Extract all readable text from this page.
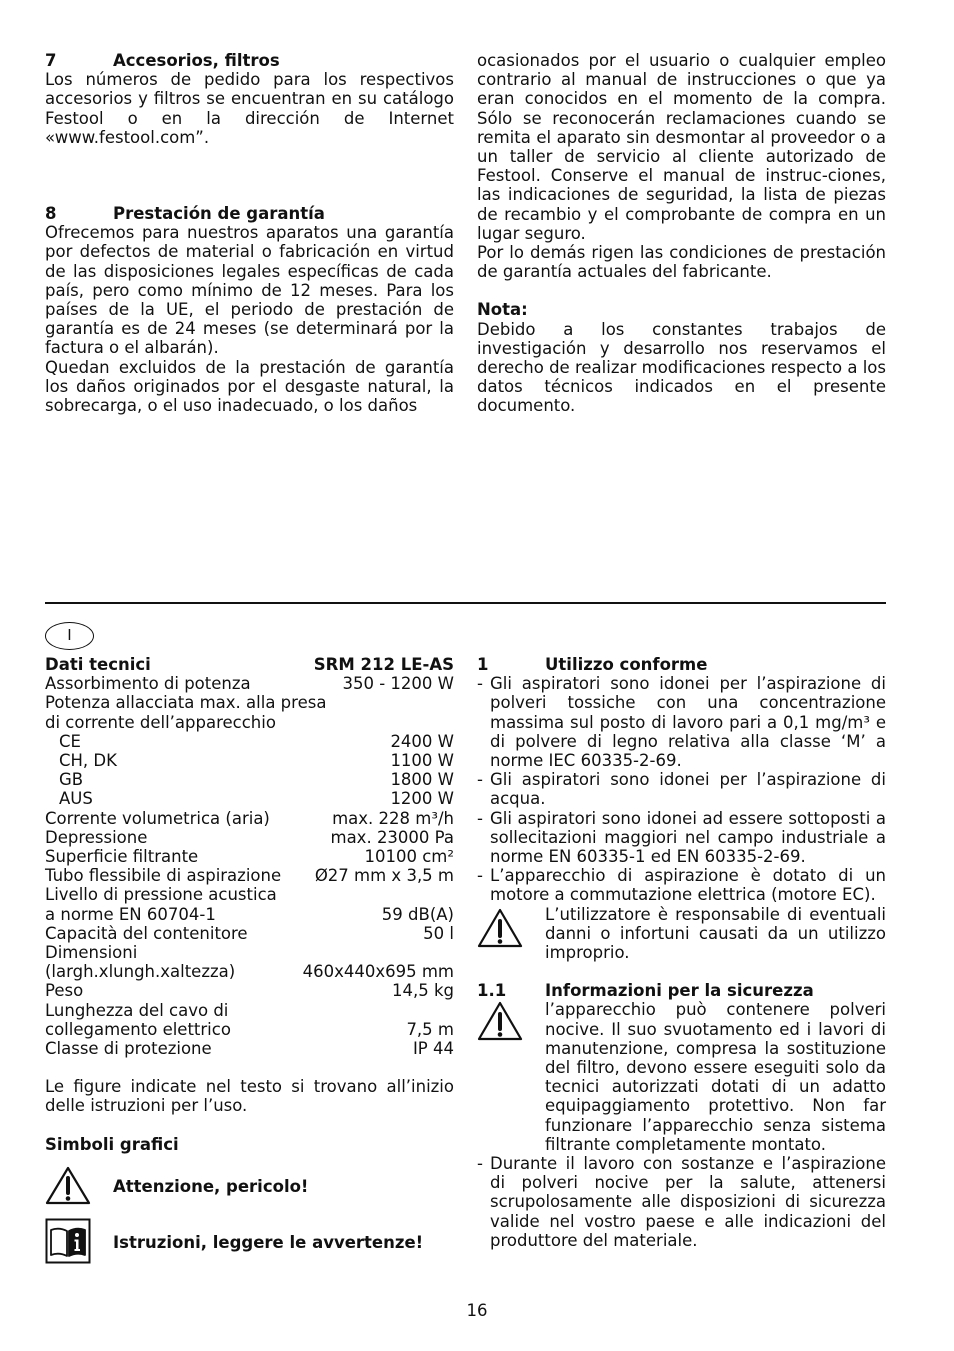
7	Accesorios, filtros

Los números de pedido para los respectivos accesorios y filtros se encuentran en su catálogo Festool o en la dirección de Internet «www.festool.com”.

8	Prestación de garantía

Ofrecemos para nuestros aparatos una garantía por defectos de material o fabricación en virtud de las disposiciones legales específicas de cada país, pero como mínimo de 12 meses. Para los países de la UE, el periodo de prestación de garantía es de 24 meses (se determinará por la factura o el albarán).

Quedan excluidos de la prestación de garantía los daños originados por el desgaste natural, la sobrecarga, o el uso inadecuado, o los daños

ocasionados por el usuario o cualquier empleo contrario al manual de instrucciones o que ya eran conocidos en el momento de la compra. Sólo se reconocerán reclamaciones cuando se remita el aparato sin desmontar al proveedor o a un taller de servicio al cliente autorizado de Festool. Conserve el manual de instruc-ciones, las indicaciones de seguridad, la lista de piezas de recambio y el comprobante de compra en un lugar seguro.

Por lo demás rigen las condiciones de prestación de garantía actuales del fabricante.

Nota:

Debido a los constantes trabajos de investigación y desarrollo nos reservamos el derecho de realizar modificaciones respecto a los datos técnicos indicados en el presente documento.

I
Dati tecnici	SRM 212 LE-AS
Assorbimento di potenza	350 - 1200 W

Potenza allacciata max. alla presa

di corrente dell’apparecchio

CE	2400 W
CH, DK	1100 W
GB	1800 W
AUS	1200 W
Corrente volumetrica (aria)	max. 228 m³/h
Depressione	max. 23000 Pa
Superficie filtrante	10100 cm²
Tubo flessibile di aspirazione Ø27 mm x 3,5 m

Livello di pressione acustica

a norme EN 60704-1	59 dB(A)
Capacità del contenitore	50 l

Dimensioni

(largh.xlungh.xaltezza)	460x440x695 mm
Peso	14,5 kg

Lunghezza del cavo di

collegamento elettrico	7,5 m
Classe di protezione	IP 44

Le figure indicate nel testo si trovano all’inizio delle istruzioni per l’uso.

Simboli grafici

Attenzione, pericolo!
Istruzioni, leggere le avvertenze!
1	Utilizzo conforme
- Gli aspiratori sono idonei per l’aspirazione di polveri tossiche con una concentrazione massima sul posto di lavoro pari a 0,1 mg/m³ e di polvere di legno relativa alla classe ‘M’ a norme IEC 60335-2-69.
- Gli aspiratori sono idonei per l’aspirazione di acqua.
- Gli aspiratori sono idonei ad essere sottoposti a sollecitazioni maggiori nel campo industriale a norme EN 60335-1 ed EN 60335-2-69.
- L’apparecchio di aspirazione è dotato di un motore a commutazione elettrica (motore EC).
L’utilizzatore è responsabile di eventuali danni o infortuni causati da un utilizzo improprio.
1.1	Informazioni per la sicurezza
l’apparecchio può contenere polveri nocive. Il suo svuotamento ed i lavori di manutenzione, compresa la sostituzione del filtro, devono essere eseguiti solo da tecnici autorizzati dotati di un adatto equipaggiamento protettivo. Non far funzionare l’apparecchio senza sistema filtrante completamente montato.
- Durante il lavoro con sostanze e l’aspirazione di polveri nocive per la salute, attenersi scrupolosamente alle disposizioni di sicurezza valide nel vostro paese e alle indicazioni del produttore del materiale.
16
